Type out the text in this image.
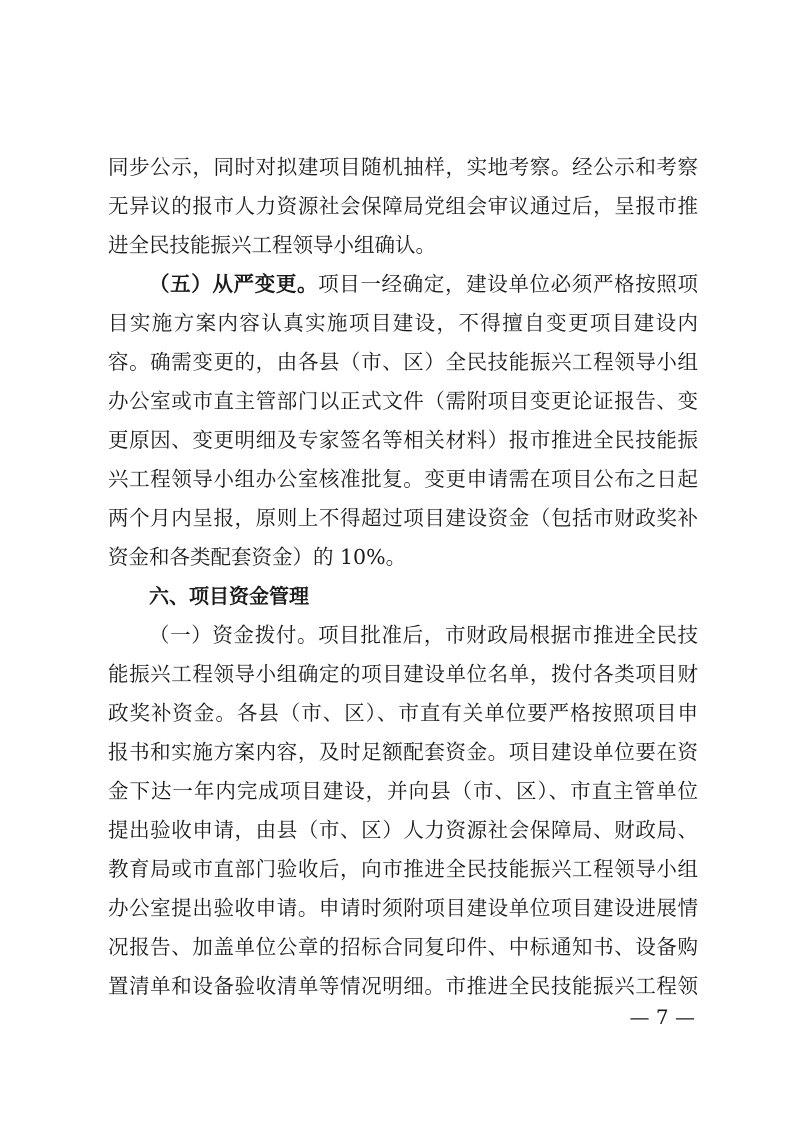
同步公示，同时对拟建项目随机抽样，实地考察。经公示和考察
无异议的报市人力资源社会保障局党组会审议通过后，呈报市推
进全民技能振兴工程领导小组确认。
（五）从严变更。项目一经确定，建设单位必须严格按照项
目实施方案内容认真实施项目建设，不得擅自变更项目建设内
容。确需变更的，由各县（市、区）全民技能振兴工程领导小组
办公室或市直主管部门以正式文件（需附项目变更论证报告、变
更原因、变更明细及专家签名等相关材料）报市推进全民技能振
兴工程领导小组办公室核准批复。变更申请需在项目公布之日起
两个月内呈报，原则上不得超过项目建设资金（包括市财政奖补
资金和各类配套资金）的 10%。
六、项目资金管理
（一）资金拨付。项目批准后，市财政局根据市推进全民技
能振兴工程领导小组确定的项目建设单位名单，拨付各类项目财
政奖补资金。各县（市、区）、市直有关单位要严格按照项目申
报书和实施方案内容，及时足额配套资金。项目建设单位要在资
金下达一年内完成项目建设，并向县（市、区）、市直主管单位
提出验收申请，由县（市、区）人力资源社会保障局、财政局、
教育局或市直部门验收后，向市推进全民技能振兴工程领导小组
办公室提出验收申请。申请时须附项目建设单位项目建设进展情
况报告、加盖单位公章的招标合同复印件、中标通知书、设备购
置清单和设备验收清单等情况明细。市推进全民技能振兴工程领
— 7 —
